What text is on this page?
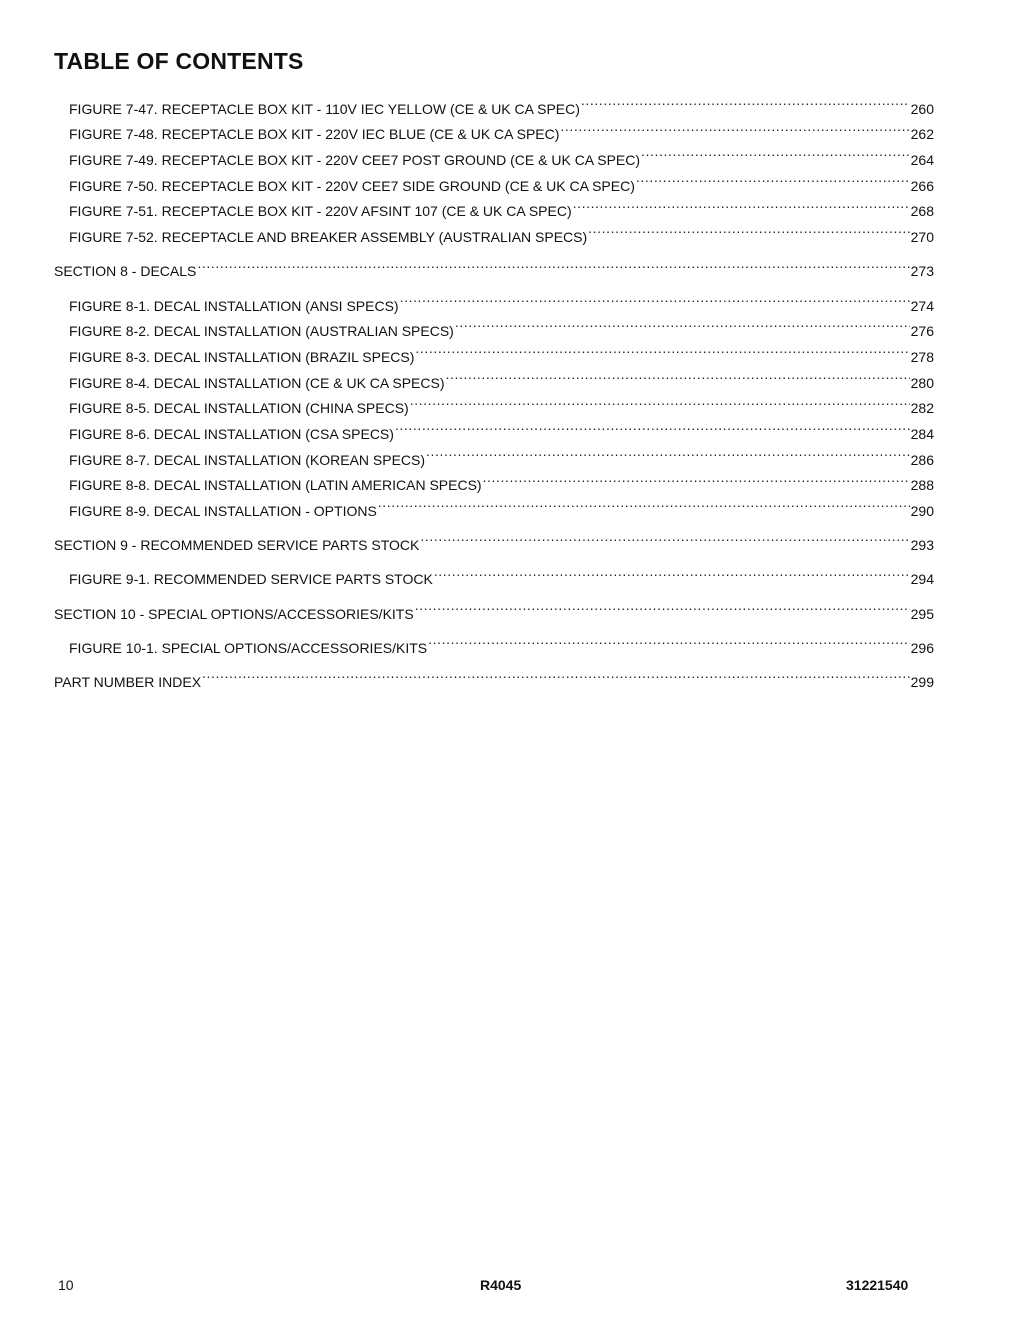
TABLE OF CONTENTS
FIGURE 7-47. RECEPTACLE BOX KIT - 110V IEC YELLOW (CE & UK CA SPEC) .....	260
FIGURE 7-48. RECEPTACLE BOX KIT - 220V IEC BLUE (CE & UK CA SPEC) .....	262
FIGURE 7-49. RECEPTACLE BOX KIT - 220V CEE7 POST GROUND (CE & UK CA SPEC) .....	264
FIGURE 7-50. RECEPTACLE BOX KIT - 220V CEE7 SIDE GROUND (CE & UK CA SPEC) .....	266
FIGURE 7-51. RECEPTACLE BOX KIT - 220V AFSINT 107 (CE & UK CA SPEC) .....	268
FIGURE 7-52. RECEPTACLE AND BREAKER ASSEMBLY (AUSTRALIAN SPECS) .....	270
SECTION 8 - DECALS .....	273
FIGURE 8-1. DECAL INSTALLATION (ANSI SPECS) .....	274
FIGURE 8-2. DECAL INSTALLATION (AUSTRALIAN SPECS) .....	276
FIGURE 8-3. DECAL INSTALLATION (BRAZIL SPECS) .....	278
FIGURE 8-4. DECAL INSTALLATION (CE & UK CA SPECS) .....	280
FIGURE 8-5. DECAL INSTALLATION (CHINA SPECS) .....	282
FIGURE 8-6. DECAL INSTALLATION (CSA SPECS) .....	284
FIGURE 8-7. DECAL INSTALLATION (KOREAN SPECS) .....	286
FIGURE 8-8. DECAL INSTALLATION (LATIN AMERICAN SPECS) .....	288
FIGURE 8-9. DECAL INSTALLATION - OPTIONS .....	290
SECTION 9 - RECOMMENDED SERVICE PARTS STOCK .....	293
FIGURE 9-1. RECOMMENDED SERVICE PARTS STOCK .....	294
SECTION 10 - SPECIAL OPTIONS/ACCESSORIES/KITS .....	295
FIGURE 10-1. SPECIAL OPTIONS/ACCESSORIES/KITS .....	296
PART NUMBER INDEX .....	299
10	R4045	31221540
